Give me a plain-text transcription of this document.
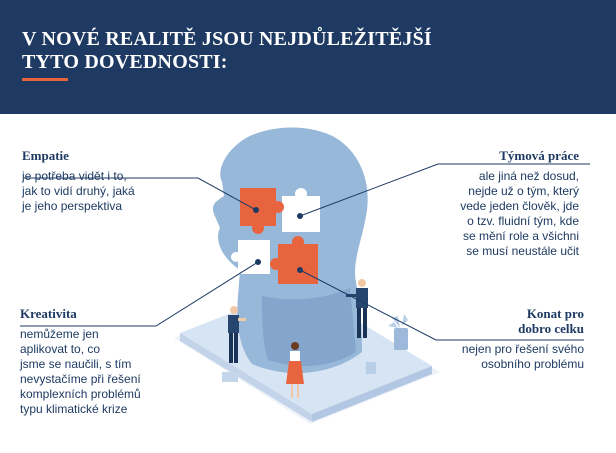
V NOVÉ REALITĚ JSOU NEJDŮLEŽITĚJŠÍ
TYTO DOVEDNOSTI:
Empatie

je potřeba vidět i to,
jak to vidí druhý, jaká
je jeho perspektiva

Týmová práce

ale jiná než dosud,
nejde už o tým, který
vede jeden člověk, jde
o tzv. fluidní tým, kde
se mění role a všichni
se musí neustále učit

Kreativita

nemůžeme jen
aplikovat to, co
jsme se naučili, s tím
nevystačíme při řešení
komplexních problémů
typu klimatické krize

Konat pro
dobro celku

nejen pro řešení svého
osobního problému
